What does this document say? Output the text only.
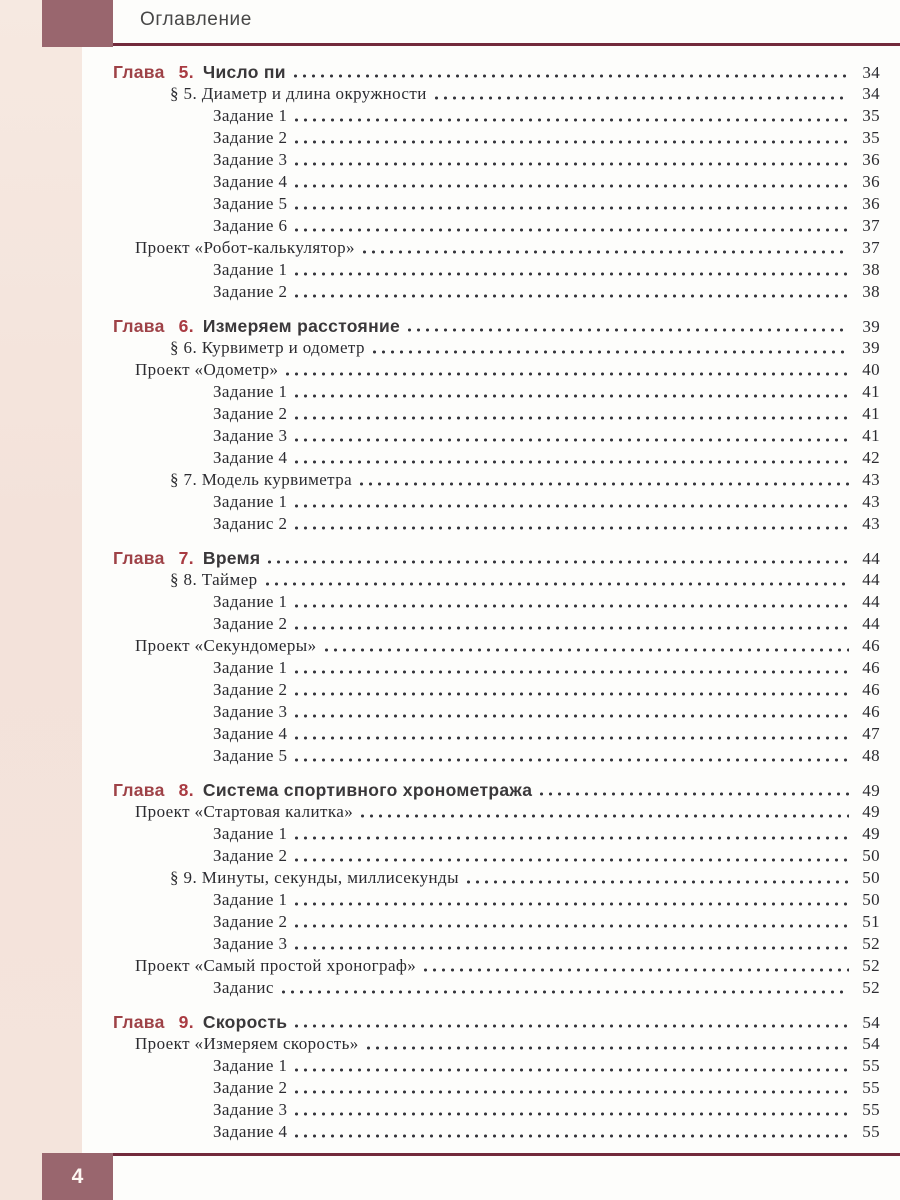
Оглавление
Глава 5. Число пи	34
§ 5. Диаметр и длина окружности	34
Задание 1	35
Задание 2	35
Задание 3	36
Задание 4	36
Задание 5	36
Задание 6	37
Проект «Робот-калькулятор»	37
Задание 1	38
Задание 2	38
Глава 6. Измеряем расстояние	39
§ 6. Курвиметр и одометр	39
Проект «Одометр»	40
Задание 1	41
Задание 2	41
Задание 3	41
Задание 4	42
§ 7. Модель курвиметра	43
Задание 1	43
Заданис 2	43
Глава 7. Время	44
§ 8. Таймер	44
Задание 1	44
Задание 2	44
Проект «Секундомеры»	46
Задание 1	46
Задание 2	46
Задание 3	46
Задание 4	47
Задание 5	48
Глава 8. Система спортивного хронометража	49
Проект «Стартовая калитка»	49
Задание 1	49
Задание 2	50
§ 9. Минуты, секунды, миллисекунды	50
Задание 1	50
Задание 2	51
Задание 3	52
Проект «Самый простой хронограф»	52
Заданис	52
Глава 9. Скорость	54
Проект «Измеряем скорость»	54
Задание 1	55
Задание 2	55
Задание 3	55
Задание 4	55
4
